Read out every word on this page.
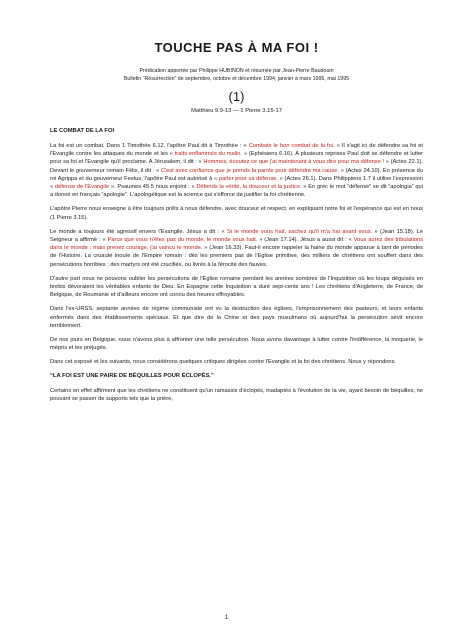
TOUCHE PAS À MA FOI !
Prédication apportée par Philippe HUBINON et résumée par Jean-Pierre Baudouin
Bulletin “Résurrection” de septembre, octobre et décembre 1994, janvier à mars 1995, mai 1995
(1)
Matthieu 9.9-13 — 1 Pierre 3.15-17
LE COMBAT DE LA FOI

La foi est un combat. Dans 1 Timothée 6.12, l'apôtre Paul dit à Timothée : « Combats le bon combat de la foi. » Il s'agit ici de défendre sa foi et l'Evangile contre les attaques du monde et les « traits enflammés du malin. » (Ephésiens 6.16). A plusieurs reprises Paul doit se défendre et lutter pour sa foi et l'Evangile qu'il proclame. A Jérusalem, il dit : « Hommes, écoutez ce que j'ai maintenant à vous dire pour ma défense ! » (Actes 22.1). Devant le gouverneur romain Félix, il dit : « C'est avec confiance que je prends la parole pour défendre ma cause. » (Actes 24.10). En présence du roi Agrippa et du gouverneur Festus, l'apôtre Paul est autorisé à « parler pour sa défense. » (Actes 26.1). Dans Philippiens 1.7 il utilise l'expression « défense de l'Evangile ». Psaumes 45.5 nous enjoint : « Défends la vérité, la douceur et la justice. » En grec le mot “défense” se dit “apologia” qui a donné en français “apologie”. L'apologétique est la science qui s'efforce de justifier la foi chrétienne.

L'apôtre Pierre nous enseigne à être toujours prêts à nous défendre, avec douceur et respect, en expliquant notre foi et l'espérance qui est en nous (1 Pierre 3.15).

Le monde a toujours été agressif envers l'Evangile. Jésus a dit : « Si le monde vous hait, sachez qu'il m'a hai avant vous. » (Jean 15.18). Le Seigneur a affirmé : « Parce que vous n'êtes pas du monde, le monde vous hait. » (Jean 17.14). Jésus a aussi dit : « Vous aurez des tribulations dans le monde ; mais prenez courage, j'ai vaincu le monde. » (Jean 16.33). Faut-il encore rappeler la haine du monde apparue à tant de périodes de l'Histoire. La cruauté inouïe de l'Empire romain : dès les premiers pas de l'Eglise primitive, des milliers de chrétiens ont souffert dans des persécutions horribles ; des martyrs ont été crucifiés, ou livrés à la férocité des fauves.

D'autre part nous ne pouvons oublier les persécutions de l'Église romaine pendant les années sombres de l'Inquisition où les loups déguisés en brebis dévoraient les véritables enfants de Dieu. En Espagne cette Inquisition a duré sept-cents ans ! Les chrétiens d'Angleterre, de France, de Belgique, de Roumanie et d'ailleurs encore ont connu des heures effroyables.

Dans l'ex-URSS, septante années de régime communiste ont vu la destruction des églises, l'emprisonnement des pasteurs, et leurs enfants enfermés dans des établissements spéciaux. Et que dire de la Chine et des pays musulmans où aujourd'hui la persécution sévit encore terriblement.

De nos jours en Belgique, nous n'avons plus à affronter une telle persécution. Nous avons davantage à lutter contre l'indifférence, la moquerie, le mépris et les préjugés.

Dans cet exposé et les suivants, nous considérons quelques critiques dirigées contre l'Evangile et la foi des chrétiens. Nous y répondons.

“LA FOI EST UNE PAIRE DE BÉQUILLES POUR ÉCLOPÉS.”

Certains en effet affirment que les chrétiens ne constituent qu'un ramassis d'éclopés, inadaptés à l'évolution de la vie, ayant besoin de béquilles, ne pouvant se passer de supports tels que la prière,

1
